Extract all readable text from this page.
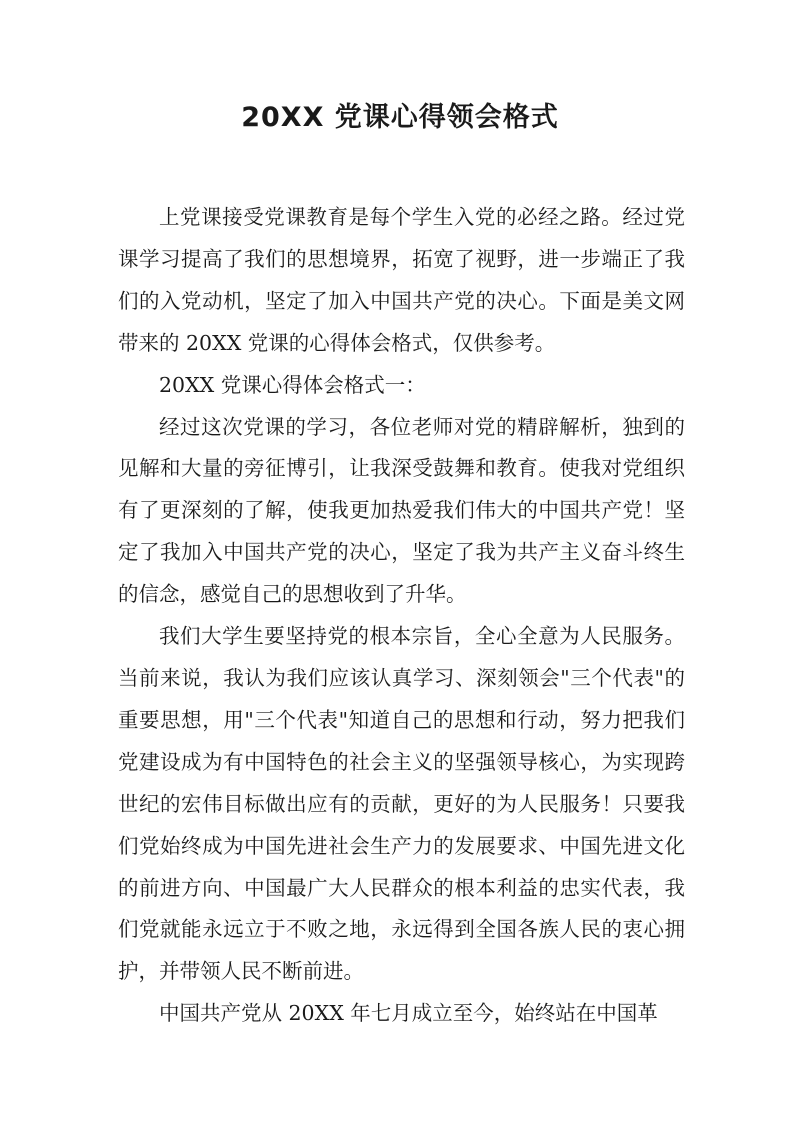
20XX 党课心得领会格式

上党课接受党课教育是每个学生入党的必经之路。经过党课学习提高了我们的思想境界，拓宽了视野，进一步端正了我们的入党动机，坚定了加入中国共产党的决心。下面是美文网带来的 20XX 党课的心得体会格式，仅供参考。

20XX 党课心得体会格式一：

经过这次党课的学习，各位老师对党的精辟解析，独到的见解和大量的旁征博引，让我深受鼓舞和教育。使我对党组织有了更深刻的了解，使我更加热爱我们伟大的中国共产党！坚定了我加入中国共产党的决心，坚定了我为共产主义奋斗终生的信念，感觉自己的思想收到了升华。

我们大学生要坚持党的根本宗旨，全心全意为人民服务。当前来说，我认为我们应该认真学习、深刻领会"三个代表"的重要思想，用"三个代表"知道自己的思想和行动，努力把我们党建设成为有中国特色的社会主义的坚强领导核心，为实现跨世纪的宏伟目标做出应有的贡献，更好的为人民服务！只要我们党始终成为中国先进社会生产力的发展要求、中国先进文化的前进方向、中国最广大人民群众的根本利益的忠实代表，我们党就能永远立于不败之地，永远得到全国各族人民的衷心拥护，并带领人民不断前进。

中国共产党从 20XX 年七月成立至今，始终站在中国革
